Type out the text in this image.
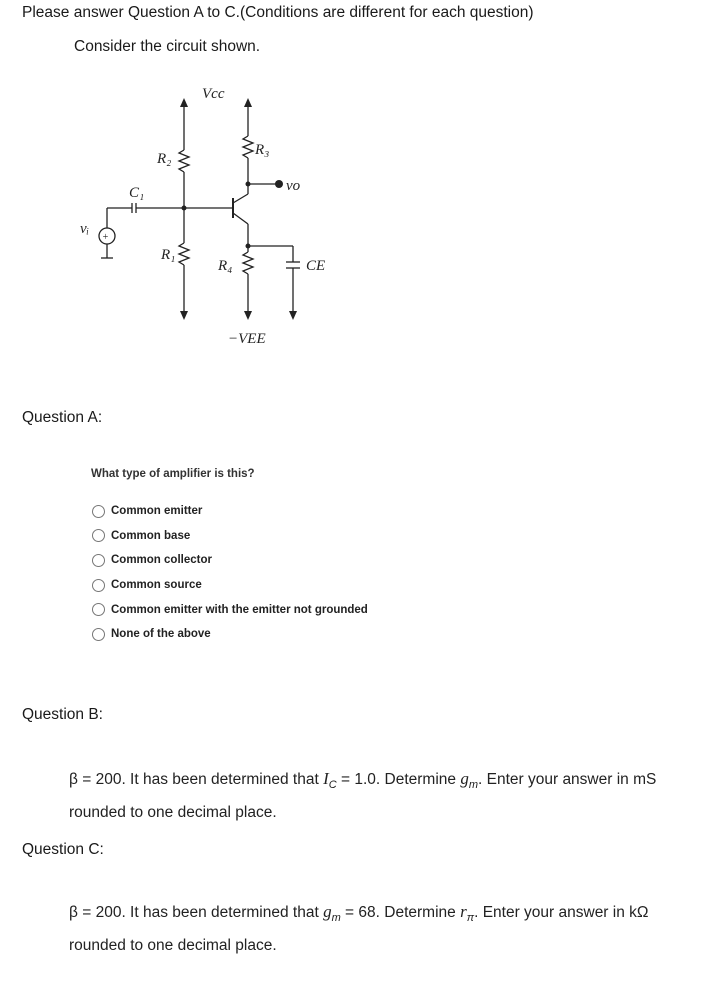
Please answer Question A to C.(Conditions are different for each question)
Consider the circuit shown.
+
Vcc
R₂
R₃
vo
C₁
vᵢ
R₁
R₄	CE
−VEE
Question A:
What type of amplifier is this?
Common emitter
Common base
Common collector
Common source
Common emitter with the emitter not grounded
None of the above
Question B:
β = 200. It has been determined that $I_C = 1.0$. Determine $g_m$. Enter your answer in mS rounded to one decimal place.
Question C:
β = 200. It has been determined that $g_m = 68$. Determine $r_\pi$. Enter your answer in kΩ rounded to one decimal place.
